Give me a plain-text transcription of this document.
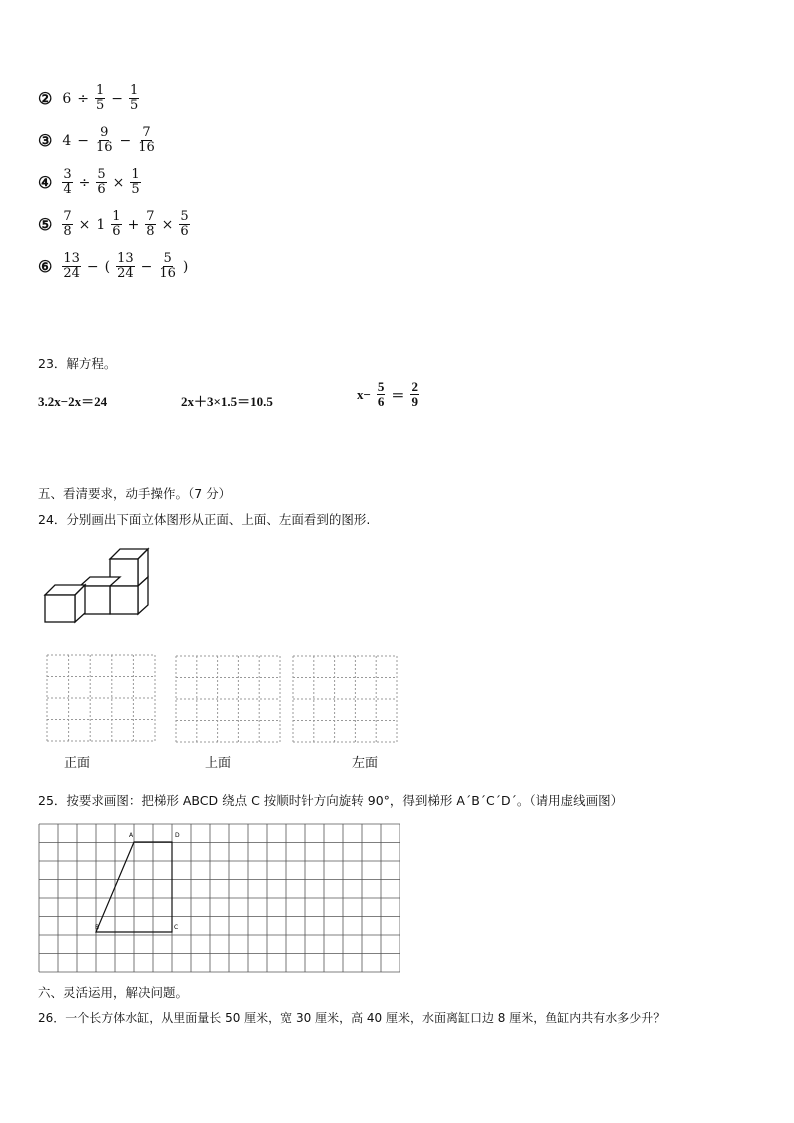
② $6 \div \frac{1}{5} - \frac{1}{5}$
③ $4 - \frac{9}{16} - \frac{7}{16}$
④ $\frac{3}{4} \div \frac{5}{6} \times \frac{1}{5}$
⑤ $\frac{7}{8} \times 1 \frac{1}{6} + \frac{7}{8} \times \frac{5}{6}$
⑥ $\frac{13}{24}$ − ( $\frac{13}{24} - \frac{5}{16}$ )
23．解方程。
3.2x−2x＝24	2x＋3×1.5＝10.5	$x- \frac{5}{6} = \frac{2}{9}$
五、看清要求，动手操作。（7 分）
24．分别画出下面立体图形从正面、上面、左面看到的图形.
正面	上面	左面
25．按要求画图：把梯形 ABCD 绕点 C 按顺时针方向旋转 90°，得到梯形 A´B´C´D´。（请用虚线画图）
A	D
B	C
六、灵活运用，解决问题。
26．一个长方体水缸，从里面量长 50 厘米，宽 30 厘米，高 40 厘米，水面离缸口边 8 厘米，鱼缸内共有水多少升？
